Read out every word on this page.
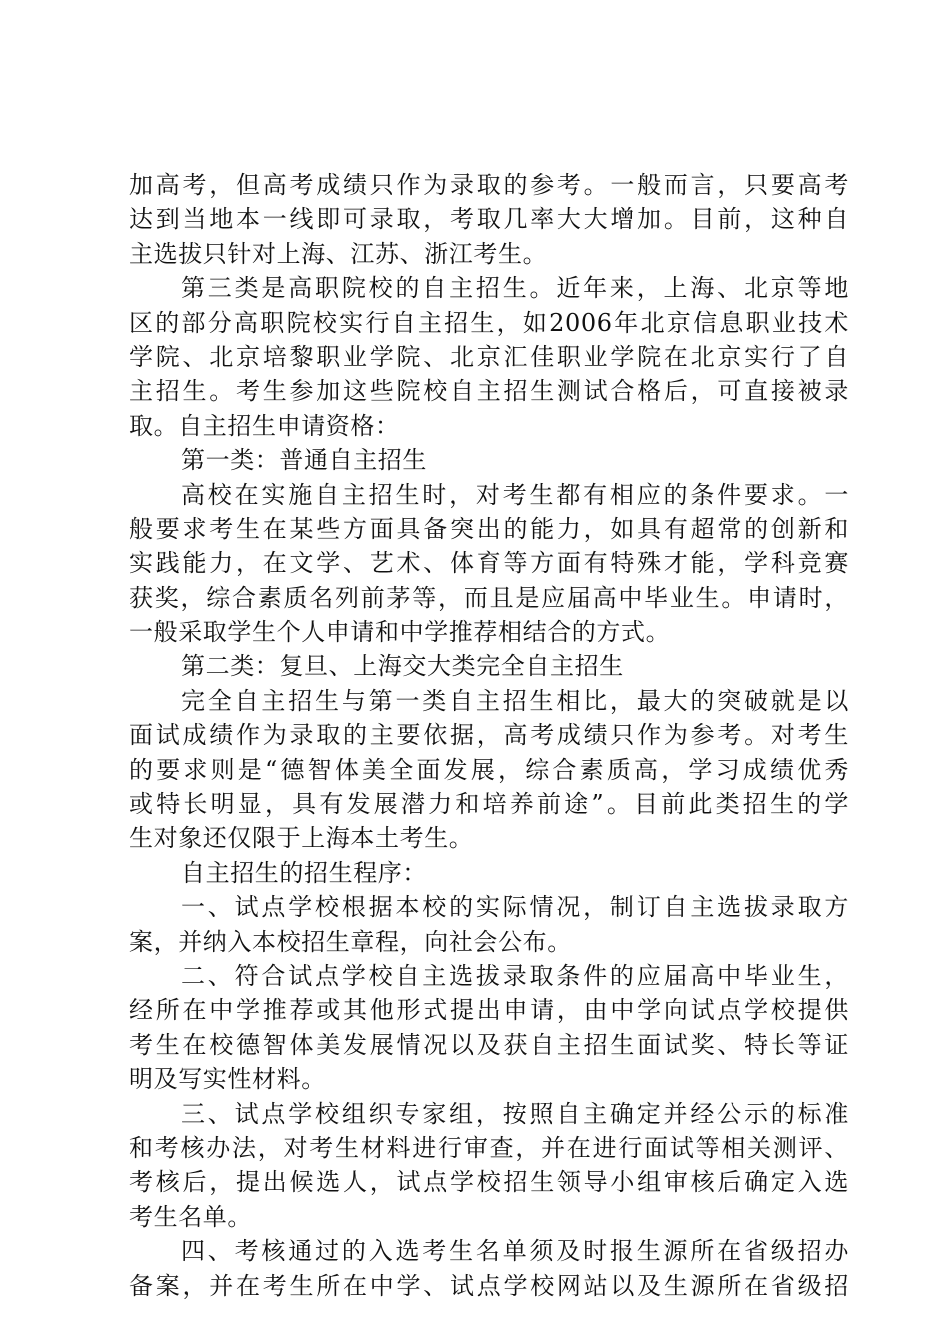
加高考，但高考成绩只作为录取的参考。一般而言，只要高考
达到当地本一线即可录取，考取几率大大增加。目前，这种自
主选拔只针对上海、江苏、浙江考生。
第三类是高职院校的自主招生。近年来，上海、北京等地
区的部分高职院校实行自主招生，如2006年北京信息职业技术
学院、北京培黎职业学院、北京汇佳职业学院在北京实行了自
主招生。考生参加这些院校自主招生测试合格后，可直接被录
取。自主招生申请资格：
第一类：普通自主招生
高校在实施自主招生时，对考生都有相应的条件要求。一
般要求考生在某些方面具备突出的能力，如具有超常的创新和
实践能力，在文学、艺术、体育等方面有特殊才能，学科竞赛
获奖，综合素质名列前茅等，而且是应届高中毕业生。申请时，
一般采取学生个人申请和中学推荐相结合的方式。
第二类：复旦、上海交大类完全自主招生
完全自主招生与第一类自主招生相比，最大的突破就是以
面试成绩作为录取的主要依据，高考成绩只作为参考。对考生
的要求则是“德智体美全面发展，综合素质高，学习成绩优秀
或特长明显，具有发展潜力和培养前途”。目前此类招生的学
生对象还仅限于上海本土考生。
自主招生的招生程序：
一、试点学校根据本校的实际情况，制订自主选拔录取方
案，并纳入本校招生章程，向社会公布。
二、符合试点学校自主选拔录取条件的应届高中毕业生，
经所在中学推荐或其他形式提出申请，由中学向试点学校提供
考生在校德智体美发展情况以及获自主招生面试奖、特长等证
明及写实性材料。
三、试点学校组织专家组，按照自主确定并经公示的标准
和考核办法，对考生材料进行审查，并在进行面试等相关测评、
考核后，提出候选人，试点学校招生领导小组审核后确定入选
考生名单。
四、考核通过的入选考生名单须及时报生源所在省级招办
备案，并在考生所在中学、试点学校网站以及生源所在省级招
